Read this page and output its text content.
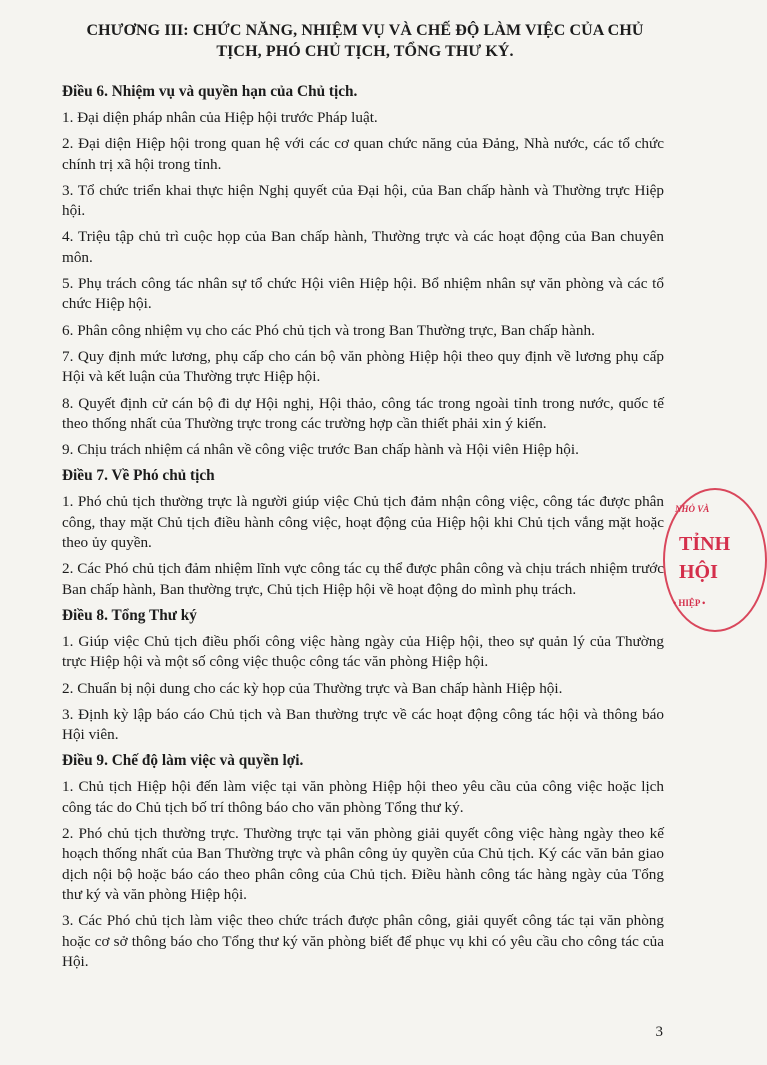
CHƯƠNG III: CHỨC NĂNG, NHIỆM VỤ VÀ CHẾ ĐỘ LÀM VIỆC CỦA CHỦ TỊCH, PHÓ CHỦ TỊCH, TỔNG THƯ KÝ.
Điều 6. Nhiệm vụ và quyền hạn của Chủ tịch.

1. Đại diện pháp nhân của Hiệp hội trước Pháp luật.

2. Đại diện Hiệp hội trong quan hệ với các cơ quan chức năng của Đảng, Nhà nước, các tổ chức chính trị xã hội trong tỉnh.

3. Tổ chức triển khai thực hiện Nghị quyết của Đại hội, của Ban chấp hành và Thường trực Hiệp hội.

4. Triệu tập chủ trì cuộc họp của Ban chấp hành, Thường trực và các hoạt động của Ban chuyên môn.

5. Phụ trách công tác nhân sự tổ chức Hội viên Hiệp hội. Bổ nhiệm nhân sự văn phòng và các tổ chức Hiệp hội.

6. Phân công nhiệm vụ cho các Phó chủ tịch và trong Ban Thường trực, Ban chấp hành.

7. Quy định mức lương, phụ cấp cho cán bộ văn phòng Hiệp hội theo quy định về lương phụ cấp Hội và kết luận của Thường trực Hiệp hội.

8. Quyết định cử cán bộ đi dự Hội nghị, Hội thảo, công tác trong ngoài tỉnh trong nước, quốc tế theo thống nhất của Thường trực trong các trường hợp cần thiết phải xin ý kiến.

9. Chịu trách nhiệm cá nhân về công việc trước Ban chấp hành và Hội viên Hiệp hội.

Điều 7. Về Phó chủ tịch

1. Phó chủ tịch thường trực là người giúp việc Chủ tịch đảm nhận công việc, công tác được phân công, thay mặt Chủ tịch điều hành công việc, hoạt động của Hiệp hội khi Chủ tịch vắng mặt hoặc theo ủy quyền.

2. Các Phó chủ tịch đảm nhiệm lĩnh vực công tác cụ thể được phân công và chịu trách nhiệm trước Ban chấp hành, Ban thường trực, Chủ tịch Hiệp hội về hoạt động do mình phụ trách.

Điều 8. Tổng Thư ký

1. Giúp việc Chủ tịch điều phối công việc hàng ngày của Hiệp hội, theo sự quản lý của Thường trực Hiệp hội và một số công việc thuộc công tác văn phòng Hiệp hội.

2. Chuẩn bị nội dung cho các kỳ họp của Thường trực và Ban chấp hành Hiệp hội.

3. Định kỳ lập báo cáo Chủ tịch và Ban thường trực về các hoạt động công tác hội và thông báo Hội viên.

Điều 9. Chế độ làm việc và quyền lợi.

1. Chủ tịch Hiệp hội đến làm việc tại văn phòng Hiệp hội theo yêu cầu của công việc hoặc lịch công tác do Chủ tịch bố trí thông báo cho văn phòng Tổng thư ký.

2. Phó chủ tịch thường trực. Thường trực tại văn phòng giải quyết công việc hàng ngày theo kế hoạch thống nhất của Ban Thường trực và phân công ủy quyền của Chủ tịch. Ký các văn bản giao dịch nội bộ hoặc báo cáo theo phân công của Chủ tịch. Điều hành công tác hàng ngày của Tổng thư ký và văn phòng Hiệp hội.

3. Các Phó chủ tịch làm việc theo chức trách được phân công, giải quyết công tác tại văn phòng hoặc cơ sở thông báo cho Tổng thư ký văn phòng biết để phục vụ khi có yêu cầu cho công tác của Hội.

NHỎ VÀ
TỈNH
HỘI
• HIỆP •
3
